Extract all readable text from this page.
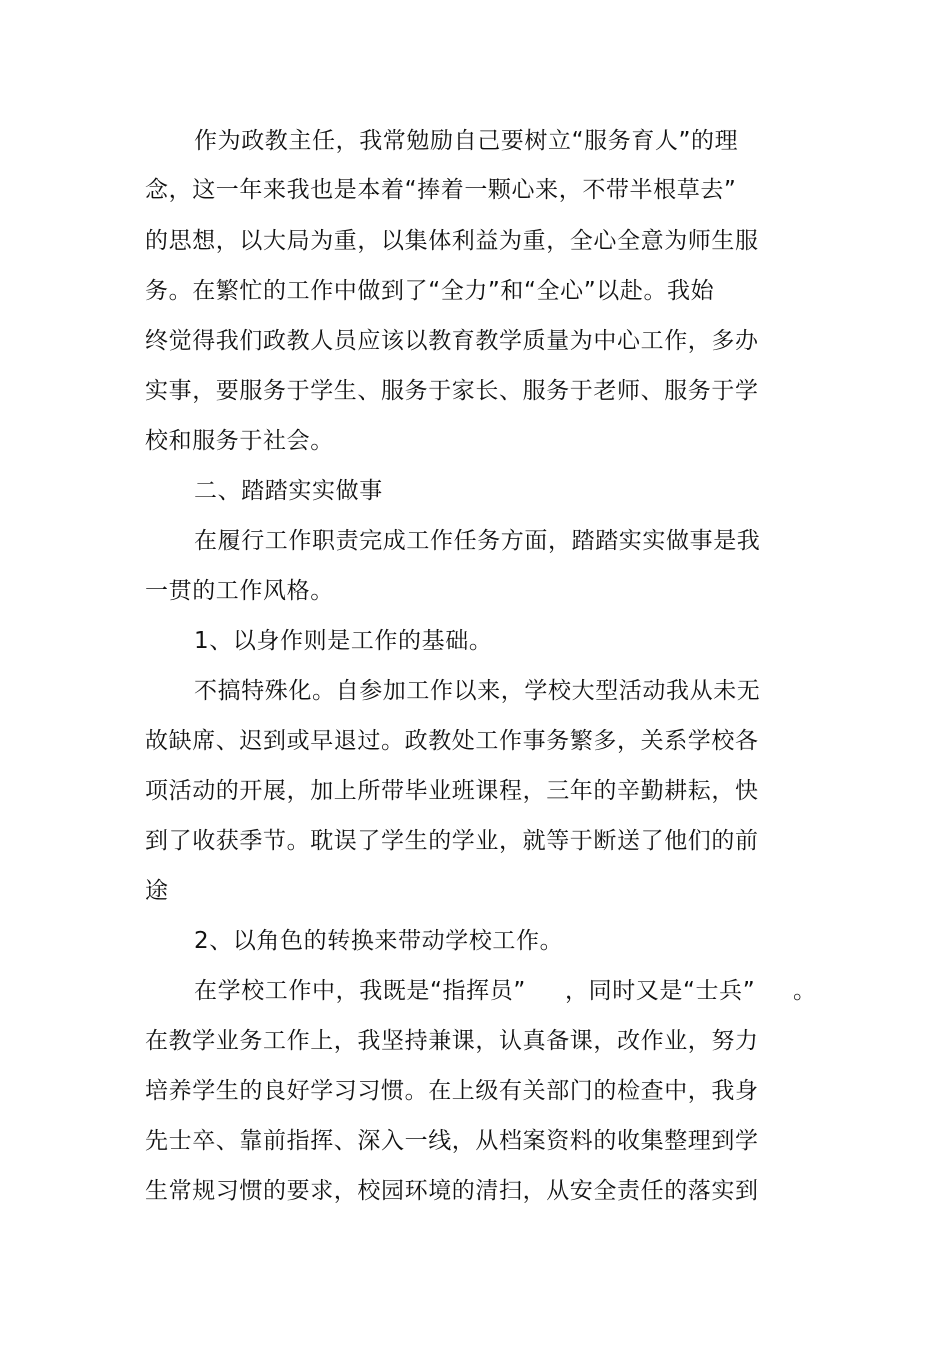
作为政教主任，我常勉励自己要树立“服务育人”的理
念，这一年来我也是本着“捧着一颗心来，不带半根草去”
的思想，以大局为重，以集体利益为重，全心全意为师生服
务。在繁忙的工作中做到了“全力”和“全心”以赴。我始
终觉得我们政教人员应该以教育教学质量为中心工作，多办
实事，要服务于学生、服务于家长、服务于老师、服务于学
校和服务于社会。
二、踏踏实实做事
在履行工作职责完成工作任务方面，踏踏实实做事是我
一贯的工作风格。
1、以身作则是工作的基础。
不搞特殊化。自参加工作以来，学校大型活动我从未无
故缺席、迟到或早退过。政教处工作事务繁多，关系学校各
项活动的开展，加上所带毕业班课程，三年的辛勤耕耘，快
到了收获季节。耽误了学生的学业，就等于断送了他们的前
途
2、以角色的转换来带动学校工作。
在学校工作中，我既是“指挥员” ，同时又是“士兵” 。
在教学业务工作上，我坚持兼课，认真备课，改作业，努力
培养学生的良好学习习惯。在上级有关部门的检查中，我身
先士卒、靠前指挥、深入一线，从档案资料的收集整理到学
生常规习惯的要求，校园环境的清扫，从安全责任的落实到
